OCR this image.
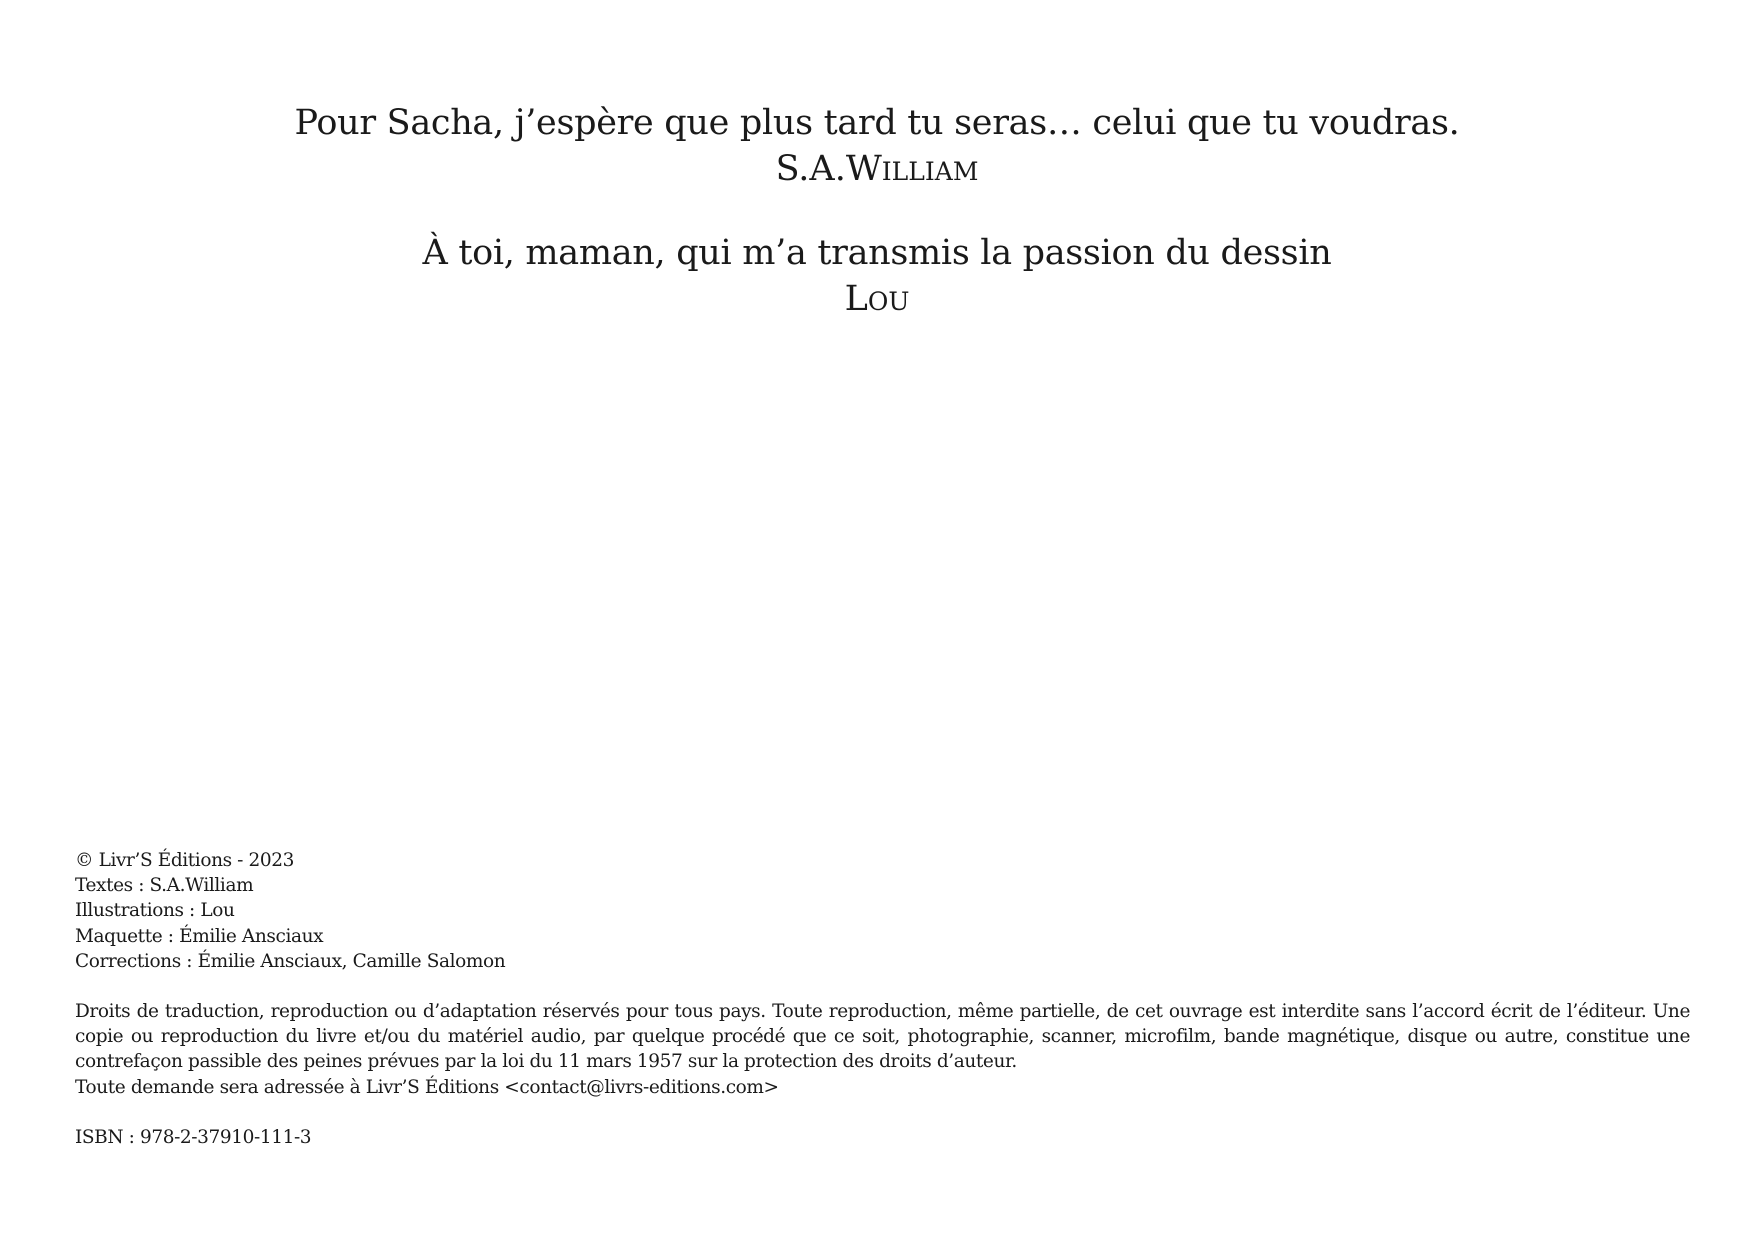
Pour Sacha, j’espère que plus tard tu seras… celui que tu voudras.
S.A.William
À toi, maman, qui m’a transmis la passion du dessin
Lou

© Livr’S Éditions - 2023

Textes : S.A.William

Illustrations : Lou

Maquette : Émilie Ansciaux

Corrections : Émilie Ansciaux, Camille Salomon

Droits de traduction, reproduction ou d’adaptation réservés pour tous pays. Toute reproduction, même partielle, de cet ouvrage est interdite sans l’accord écrit de l’éditeur. Une copie ou reproduction du livre et/ou du matériel audio, par quelque procédé que ce soit, photographie, scanner, microfilm, bande magnétique, disque ou autre, constitue une contrefaçon passible des peines prévues par la loi du 11 mars 1957 sur la protection des droits d’auteur.
Toute demande sera adressée à Livr’S Éditions <contact@livrs-editions.com>

ISBN : 978-2-37910-111-3
